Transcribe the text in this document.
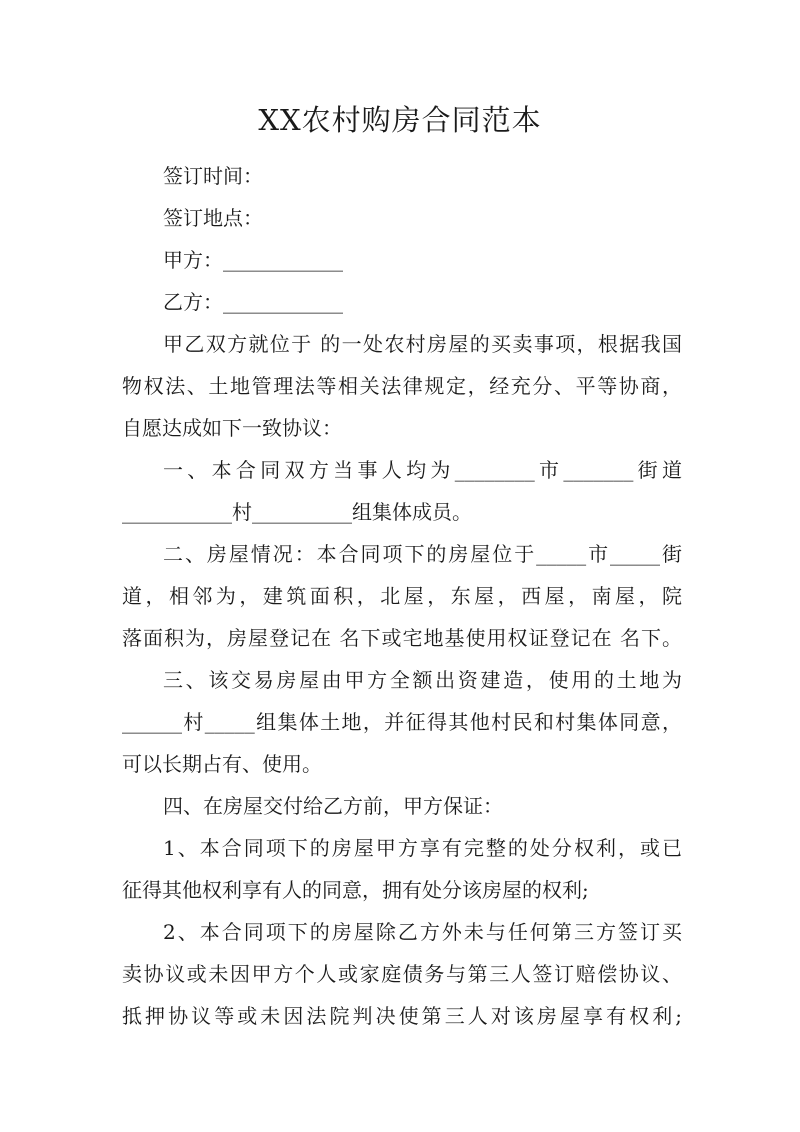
XX农村购房合同范本

签订时间：

签订地点：

甲方：____________

乙方：____________

甲乙双方就位于 的一处农村房屋的买卖事项，根据我国

物权法、土地管理法等相关法律规定，经充分、平等协商，

自愿达成如下一致协议：

一、本合同双方当事人均为________市_______街道

___________村__________组集体成员。

二、房屋情况：本合同项下的房屋位于_____市_____街

道，相邻为，建筑面积，北屋，东屋，西屋，南屋，院

落面积为，房屋登记在 名下或宅地基使用权证登记在 名下。

三、该交易房屋由甲方全额出资建造，使用的土地为

______村_____组集体土地，并征得其他村民和村集体同意，

可以长期占有、使用。

四、在房屋交付给乙方前，甲方保证：

1、本合同项下的房屋甲方享有完整的处分权利，或已

征得其他权利享有人的同意，拥有处分该房屋的权利;

2、本合同项下的房屋除乙方外未与任何第三方签订买

卖协议或未因甲方个人或家庭债务与第三人签订赔偿协议、

抵押协议等或未因法院判决使第三人对该房屋享有权利;
